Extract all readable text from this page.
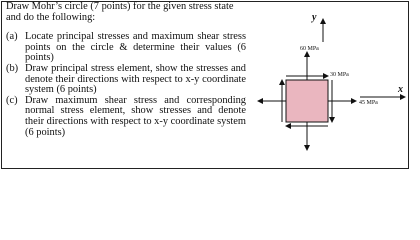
Draw Mohr’s circle (7 points) for the given stress state and do the following:

(a) Locate principal stresses and maximum shear stress points on the circle & determine their values (6 points)
(b) Draw principal stress element, show the stresses and denote their directions with respect to x-y coordinate system (6 points)
(c) Draw maximum shear stress and corresponding normal stress element, show stresses and denote their directions with respect to x-y coordinate system (6 points)
y
x
60 MPa
45 MPa
30 MPa
